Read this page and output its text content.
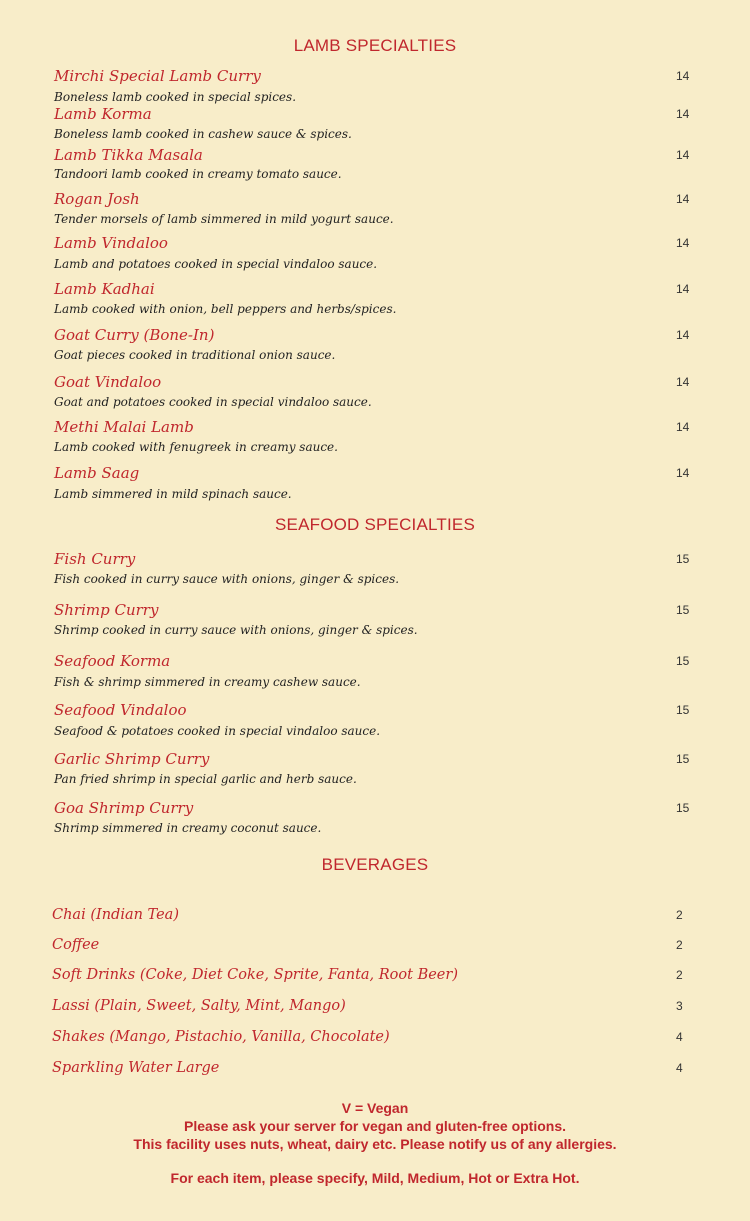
LAMB SPECIALTIES
Mirchi Special Lamb Curry
Boneless lamb cooked in special spices.
14
Lamb Korma
Boneless lamb cooked in cashew sauce & spices.
14
Lamb Tikka Masala
Tandoori lamb cooked in creamy tomato sauce.
14
Rogan Josh
Tender morsels of lamb simmered in mild yogurt sauce.
14
Lamb Vindaloo
Lamb and potatoes cooked in special vindaloo sauce.
14
Lamb Kadhai
Lamb cooked with onion, bell peppers and herbs/spices.
14
Goat Curry (Bone-In)
Goat pieces cooked in traditional onion sauce.
14
Goat Vindaloo
Goat and potatoes cooked in special vindaloo sauce.
14
Methi Malai Lamb
Lamb cooked with fenugreek in creamy sauce.
14
Lamb Saag
Lamb simmered in mild spinach sauce.
14
SEAFOOD SPECIALTIES
Fish Curry
Fish cooked in curry sauce with onions, ginger & spices.
15
Shrimp Curry
Shrimp cooked in curry sauce with onions, ginger & spices.
15
Seafood Korma
Fish & shrimp simmered in creamy cashew sauce.
15
Seafood Vindaloo
Seafood & potatoes cooked in special vindaloo sauce.
15
Garlic Shrimp Curry
Pan fried shrimp in special garlic and herb sauce.
15
Goa Shrimp Curry
Shrimp simmered in creamy coconut sauce.
15
BEVERAGES
Chai (Indian Tea)	2
Coffee	2
Soft Drinks (Coke, Diet Coke, Sprite, Fanta, Root Beer)	2
Lassi (Plain, Sweet, Salty, Mint, Mango)	3
Shakes (Mango, Pistachio, Vanilla, Chocolate)	4
Sparkling Water Large	4
V = Vegan
Please ask your server for vegan and gluten-free options.
This facility uses nuts, wheat, dairy etc. Please notify us of any allergies.
For each item, please specify, Mild, Medium, Hot or Extra Hot.
